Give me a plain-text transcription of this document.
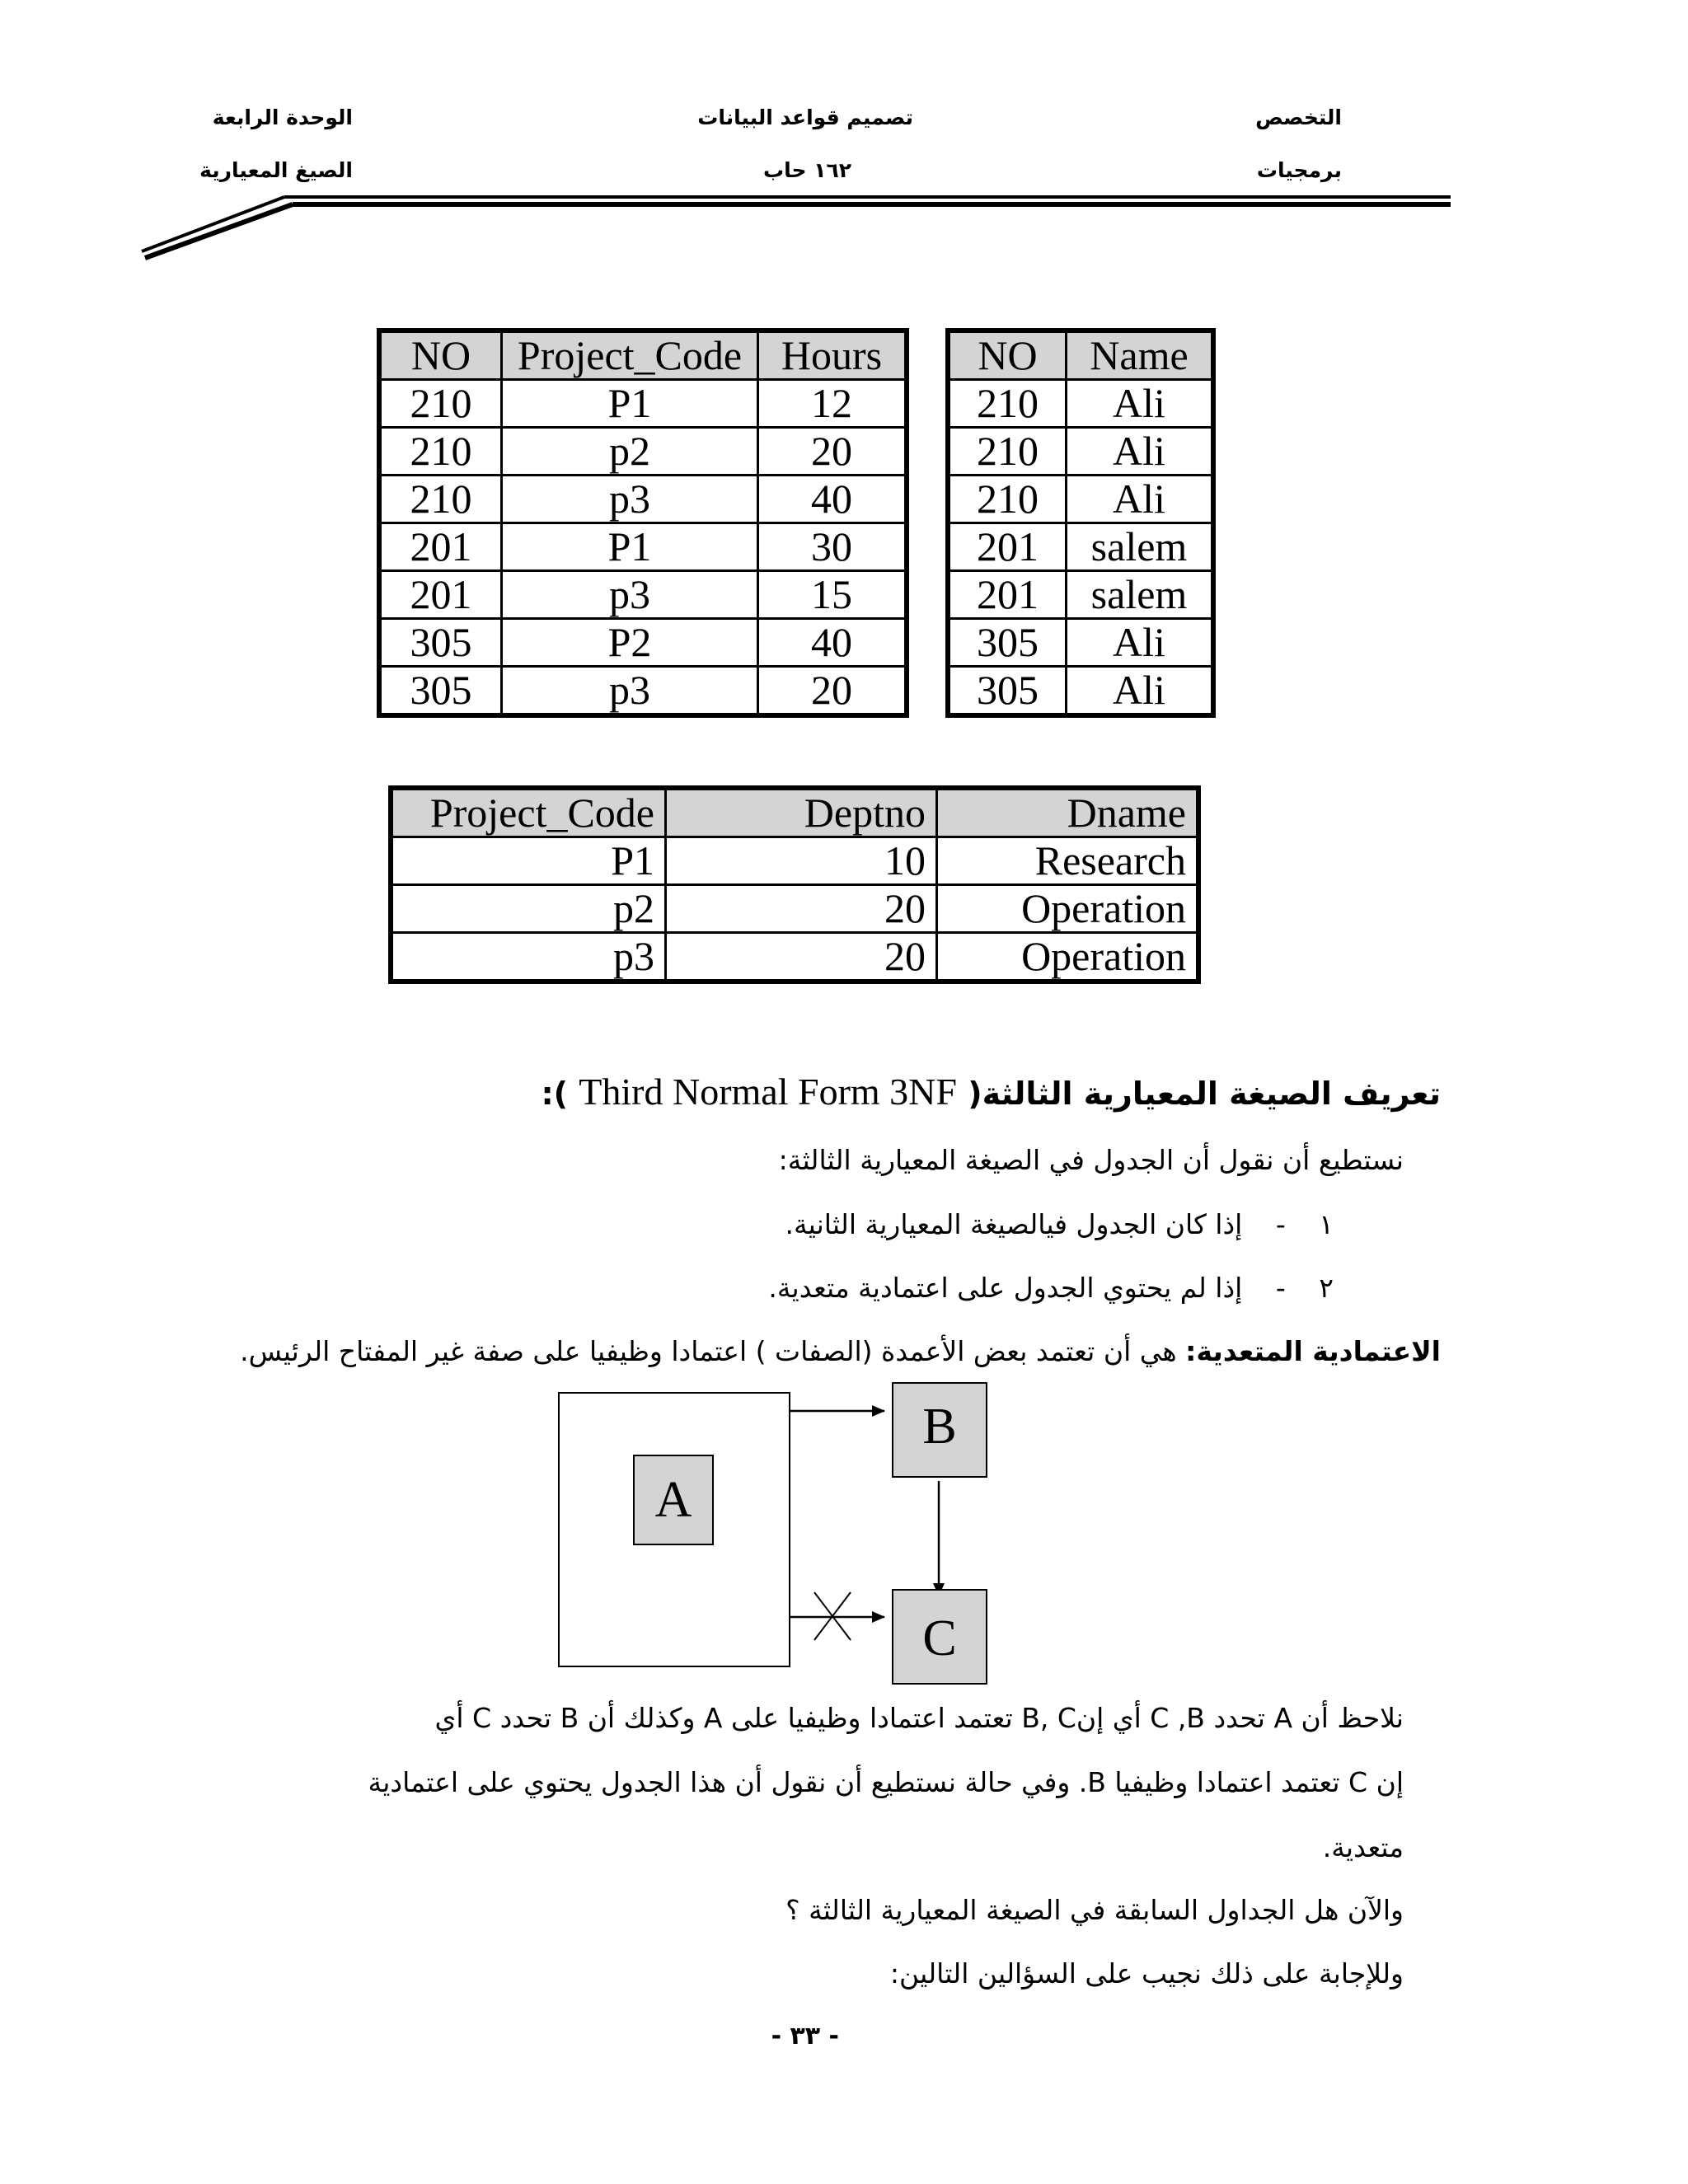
التخصص
برمجيات
تصميم قواعد البيانات
١٦٢ حاب
الوحدة الرابعة
الصيغ المعيارية
NO	Project_Code	Hours
210	P1	12
210	p2	20
210	p3	40
201	P1	30
201	p3	15
305	P2	40
305	p3	20
NO	Name
210	Ali
210	Ali
210	Ali
201	salem
201	salem
305	Ali
305	Ali
Project_Code	Deptno	Dname
P1	10	Research
p2	20	Operation
p3	20	Operation
تعريف الصيغة المعيارية الثالثة( Third Normal Form 3NF ):
نستطيع أن نقول أن الجدول في الصيغة المعيارية الثالثة:
١ - إذا كان الجدول فيالصيغة المعيارية الثانية.
٢ - إذا لم يحتوي الجدول على اعتمادية متعدية.
الاعتمادية المتعدية: هي أن تعتمد بعض الأعمدة (الصفات ) اعتمادا وظيفيا على صفة غير المفتاح الرئيس.
A
B
C
نلاحظ أن A تحدد C ,B أي إنB, C تعتمد اعتمادا وظيفيا على A وكذلك أن B تحدد C أي
إن C تعتمد اعتمادا وظيفيا B. وفي حالة نستطيع أن نقول أن هذا الجدول يحتوي على اعتمادية
متعدية.
والآن هل الجداول السابقة في الصيغة المعيارية الثالثة ؟
وللإجابة على ذلك نجيب على السؤالين التالين:
- ٣٣ -
